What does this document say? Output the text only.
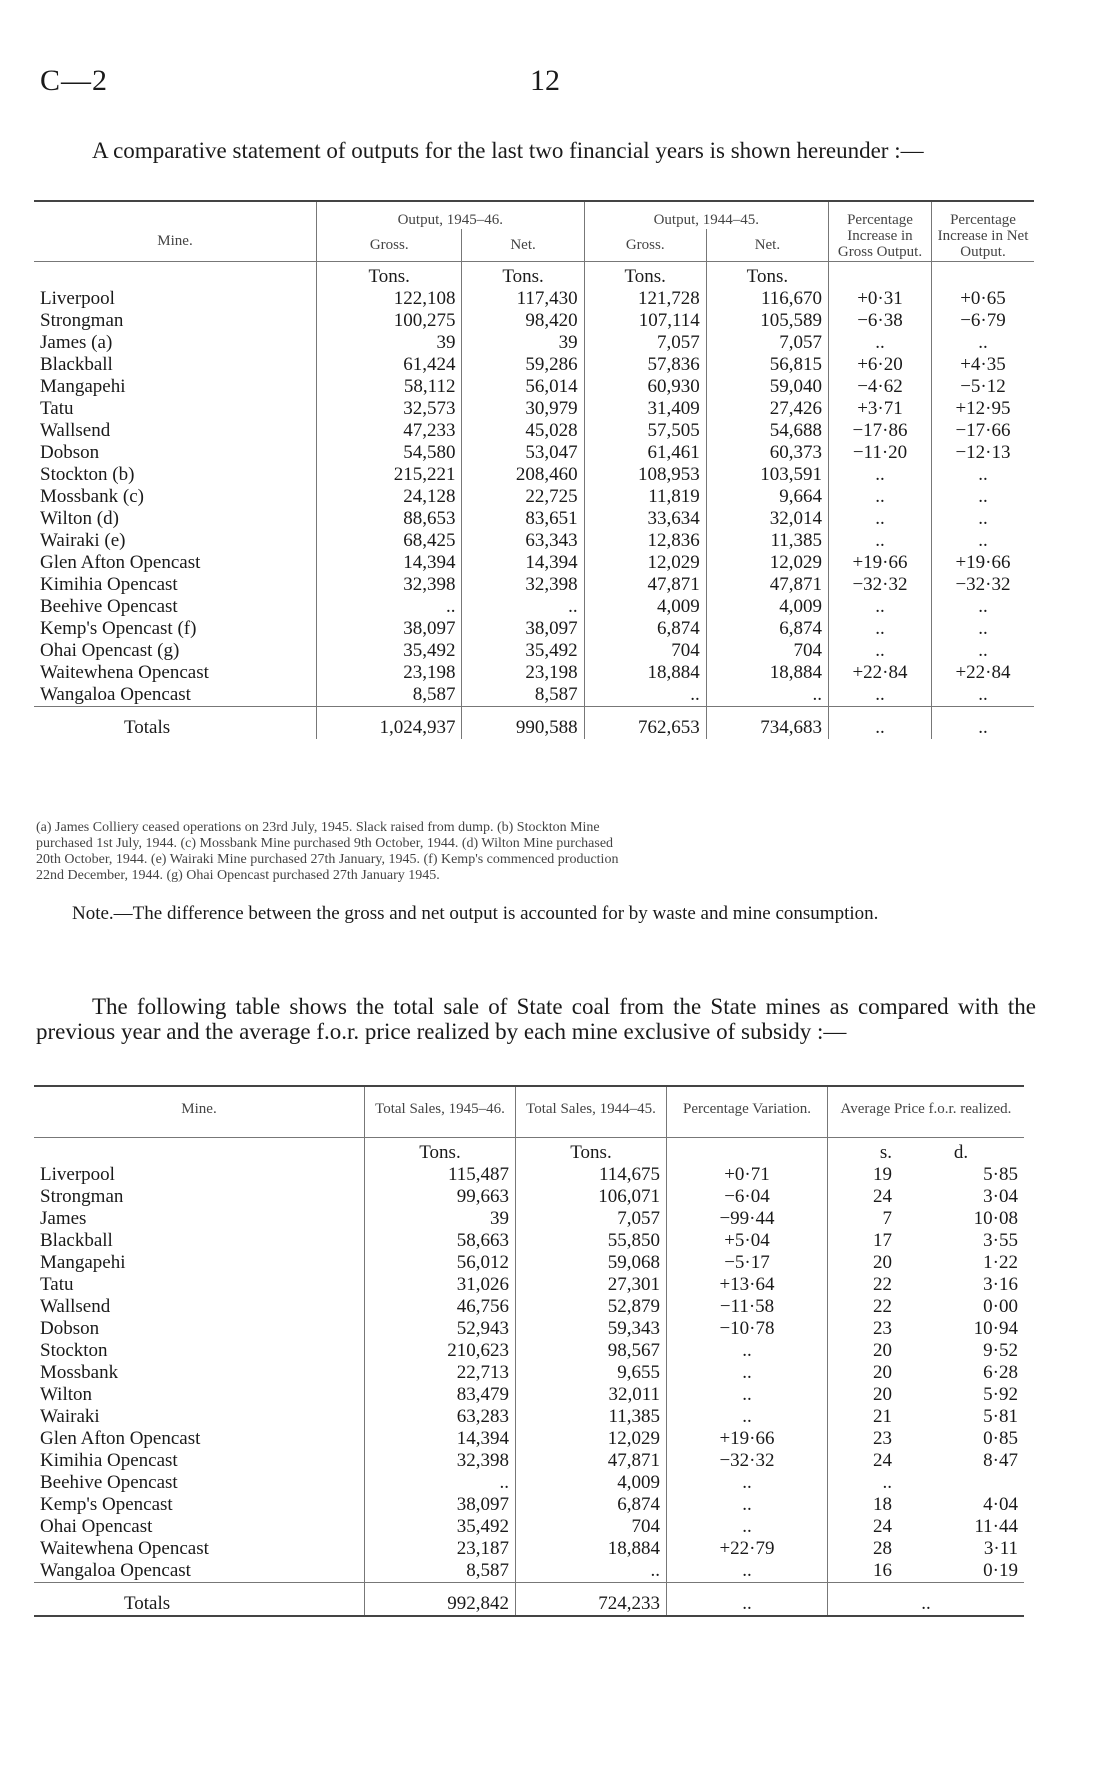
C—2	12
A comparative statement of outputs for the last two financial years is shown hereunder :—
Mine.	Output, 1945–46.		Output, 1944–45.		Percentage Increase in Gross Output.	Percentage Increase in Net Output.
	Gross.	Net.	Gross.	Net.		
	Tons.	Tons.	Tons.	Tons.		
Liverpool	122,108	117,430	121,728	116,670	+0·31	+0·65
Strongman	100,275	98,420	107,114	105,589	−6·38	−6·79
James (a)	39	39	7,057	7,057	..	..
Blackball	61,424	59,286	57,836	56,815	+6·20	+4·35
Mangapehi	58,112	56,014	60,930	59,040	−4·62	−5·12
Tatu	32,573	30,979	31,409	27,426	+3·71	+12·95
Wallsend	47,233	45,028	57,505	54,688	−17·86	−17·66
Dobson	54,580	53,047	61,461	60,373	−11·20	−12·13
Stockton (b)	215,221	208,460	108,953	103,591	..	..
Mossbank (c)	24,128	22,725	11,819	9,664	..	..
Wilton (d)	88,653	83,651	33,634	32,014	..	..
Wairaki (e)	68,425	63,343	12,836	11,385	..	..
Glen Afton Opencast	14,394	14,394	12,029	12,029	+19·66	+19·66
Kimihia Opencast	32,398	32,398	47,871	47,871	−32·32	−32·32
Beehive Opencast	..	..	4,009	4,009	..	..
Kemp's Opencast (f)	38,097	38,097	6,874	6,874	..	..
Ohai Opencast (g)	35,492	35,492	704	704	..	..
Waitewhena Opencast	23,198	23,198	18,884	18,884	+22·84	+22·84
Wangaloa Opencast	8,587	8,587	..	..	..	..
Totals	1,024,937	990,588	762,653	734,683	..	..
(a) James Colliery ceased operations on 23rd July, 1945. Slack raised from dump. (b) Stockton Mine
purchased 1st July, 1944. (c) Mossbank Mine purchased 9th October, 1944. (d) Wilton Mine purchased
20th October, 1944. (e) Wairaki Mine purchased 27th January, 1945. (f) Kemp's commenced production
22nd December, 1944. (g) Ohai Opencast purchased 27th January 1945.
Note.—The difference between the gross and net output is accounted for by waste and mine consumption.
The following table shows the total sale of State coal from the State mines as compared with the previous year and the average f.o.r. price realized by each mine exclusive of subsidy :—
Mine.	Total Sales, 1945–46.	Total Sales, 1944–45.	Percentage Variation.	Average Price f.o.r. realized.	
	Tons.	Tons.		s.	d.
Liverpool	115,487	114,675	+0·71	19	5·85
Strongman	99,663	106,071	−6·04	24	3·04
James	39	7,057	−99·44	7	10·08
Blackball	58,663	55,850	+5·04	17	3·55
Mangapehi	56,012	59,068	−5·17	20	1·22
Tatu	31,026	27,301	+13·64	22	3·16
Wallsend	46,756	52,879	−11·58	22	0·00
Dobson	52,943	59,343	−10·78	23	10·94
Stockton	210,623	98,567	..	20	9·52
Mossbank	22,713	9,655	..	20	6·28
Wilton	83,479	32,011	..	20	5·92
Wairaki	63,283	11,385	..	21	5·81
Glen Afton Opencast	14,394	12,029	+19·66	23	0·85
Kimihia Opencast	32,398	47,871	−32·32	24	8·47
Beehive Opencast	..	4,009	..	..	
Kemp's Opencast	38,097	6,874	..	18	4·04
Ohai Opencast	35,492	704	..	24	11·44
Waitewhena Opencast	23,187	18,884	+22·79	28	3·11
Wangaloa Opencast	8,587	..	..	16	0·19
Totals	992,842	724,233	..	..	
